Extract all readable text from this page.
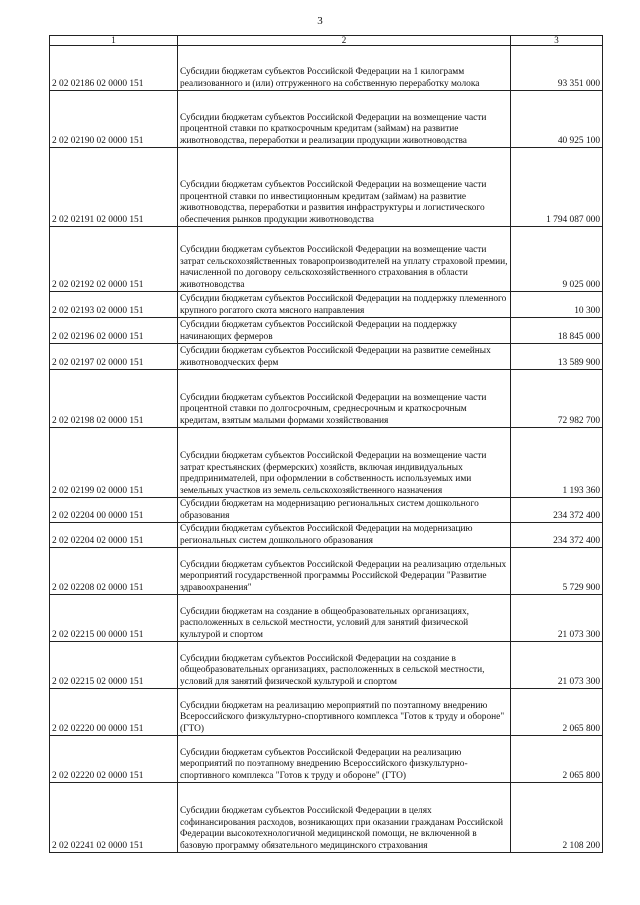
3
1	2	3
2 02 02186 02 0000 151	Субсидии бюджетам субъектов Российской Федерации на 1 килограмм реализованного и (или) отгруженного на собственную переработку молока	93 351 000
2 02 02190 02 0000 151	Субсидии бюджетам субъектов Российской Федерации на возмещение части процентной ставки по краткосрочным кредитам (займам) на развитие животноводства, переработки и реализации продукции животноводства	40 925 100
2 02 02191 02 0000 151	Субсидии бюджетам субъектов Российской Федерации на возмещение части процентной ставки по инвестиционным кредитам (займам) на развитие животноводства, переработки и развития инфраструктуры и логистического обеспечения рынков продукции животноводства	1 794 087 000
2 02 02192 02 0000 151	Субсидии бюджетам субъектов Российской Федерации на возмещение части затрат сельскохозяйственных товаропроизводителей на уплату страховой премии, начисленной по договору сельскохозяйственного страхования в области животноводства	9 025 000
2 02 02193 02 0000 151	Субсидии бюджетам субъектов Российской Федерации на поддержку племенного крупного рогатого скота мясного направления	10 300
2 02 02196 02 0000 151	Субсидии бюджетам субъектов Российской Федерации на поддержку начинающих фермеров	18 845 000
2 02 02197 02 0000 151	Субсидии бюджетам субъектов Российской Федерации на развитие семейных животноводческих ферм	13 589 900
2 02 02198 02 0000 151	Субсидии бюджетам субъектов Российской Федерации на возмещение части процентной ставки по долгосрочным, среднесрочным и краткосрочным кредитам, взятым малыми формами хозяйствования	72 982 700
2 02 02199 02 0000 151	Субсидии бюджетам субъектов Российской Федерации на возмещение части затрат крестьянских (фермерских) хозяйств, включая индивидуальных предпринимателей, при оформлении в собственность используемых ими земельных участков из земель сельскохозяйственного назначения	1 193 360
2 02 02204 00 0000 151	Субсидии бюджетам на модернизацию региональных систем дошкольного образования	234 372 400
2 02 02204 02 0000 151	Субсидии бюджетам субъектов Российской Федерации на модернизацию региональных систем дошкольного образования	234 372 400
2 02 02208 02 0000 151	Субсидии бюджетам субъектов Российской Федерации на реализацию отдельных мероприятий государственной программы Российской Федерации "Развитие здравоохранения"	5 729 900
2 02 02215 00 0000 151	Субсидии бюджетам на создание в общеобразовательных организациях, расположенных в сельской местности, условий для занятий физической культурой и спортом	21 073 300
2 02 02215 02 0000 151	Субсидии бюджетам субъектов Российской Федерации на создание в общеобразовательных организациях, расположенных в сельской местности, условий для занятий физической культурой и спортом	21 073 300
2 02 02220 00 0000 151	Субсидии бюджетам на реализацию мероприятий по поэтапному внедрению Всероссийского физкультурно-спортивного комплекса "Готов к труду и обороне" (ГТО)	2 065 800
2 02 02220 02 0000 151	Субсидии бюджетам субъектов Российской Федерации на реализацию мероприятий по поэтапному внедрению Всероссийского физкультурно-спортивного комплекса "Готов к труду и обороне" (ГТО)	2 065 800
2 02 02241 02 0000 151	Субсидии бюджетам субъектов Российской Федерации в целях софинансирования расходов, возникающих при оказании гражданам Российской Федерации высокотехнологичной медицинской помощи, не включенной в базовую программу обязательного медицинского страхования	2 108 200
